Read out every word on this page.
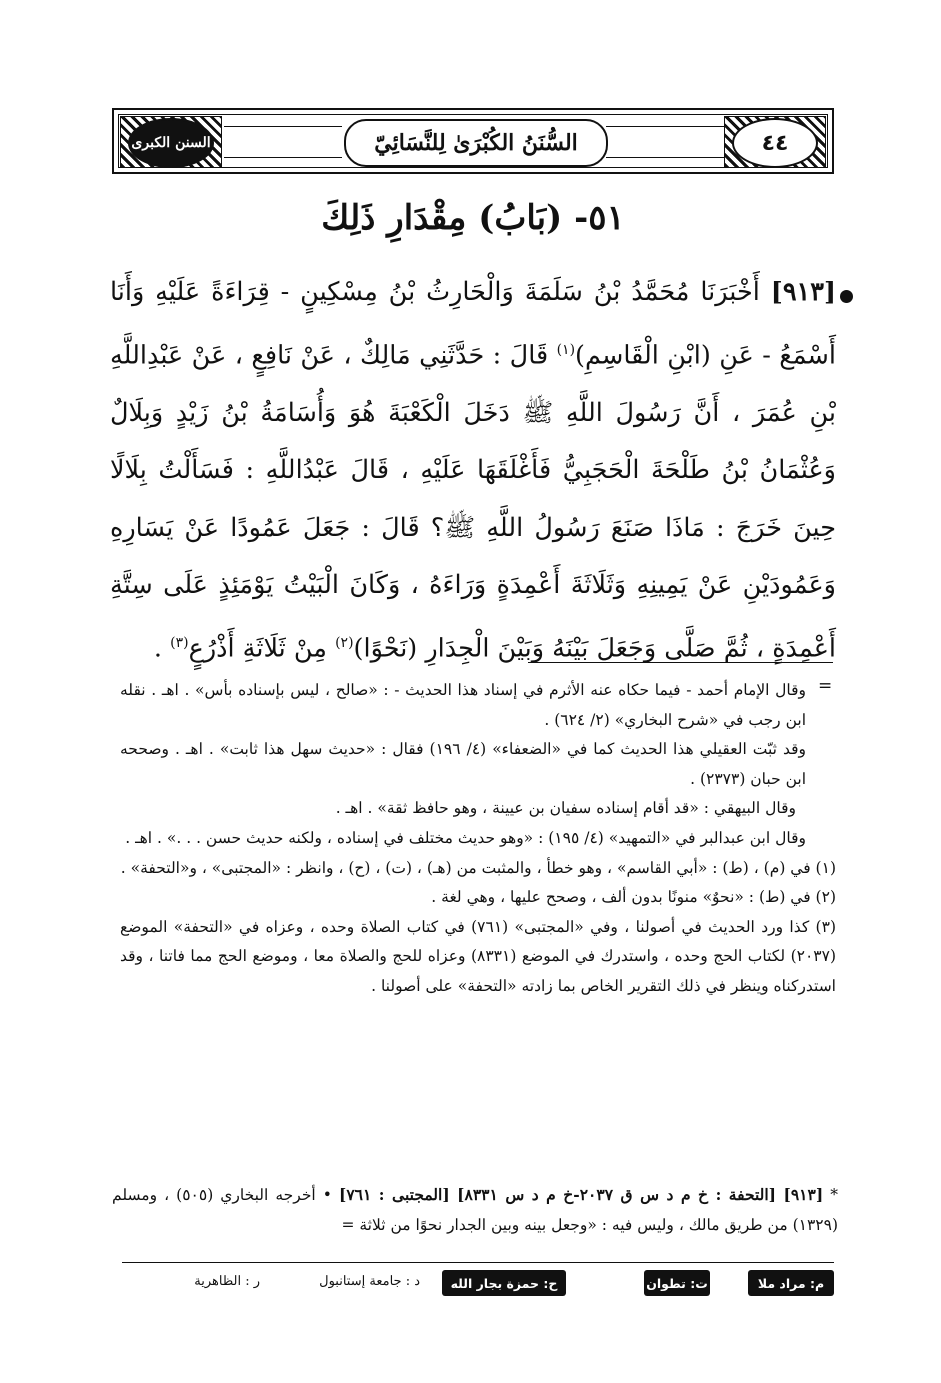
السنن الكبرى	٤٤
السُّنَنُ الكُبْرَىٰ لِلنَّسَائِيّ
٥١- (بَابُ) مِقْدَارِ ذَلِكَ
[٩١٣] أَخْبَرَنَا مُحَمَّدُ بْنُ سَلَمَةَ وَالْحَارِثُ بْنُ مِسْكِينٍ - قِرَاءَةً عَلَيْهِ وَأَنَا أَسْمَعُ - عَنِ (ابْنِ الْقَاسِمِ)$^{(١)}$ قَالَ : حَدَّثَنِي مَالِكٌ ، عَنْ نَافِعٍ ، عَنْ عَبْدِاللَّهِ بْنِ عُمَرَ ، أَنَّ رَسُولَ اللَّهِ ﷺ دَخَلَ الْكَعْبَةَ هُوَ وَأُسَامَةُ بْنُ زَيْدٍ وَبِلَالٌ وَعُثْمَانُ بْنُ طَلْحَةَ الْحَجَبِيُّ فَأَغْلَقَهَا عَلَيْهِ ، قَالَ عَبْدُاللَّهِ : فَسَأَلْتُ بِلَالًا حِينَ خَرَجَ : مَاذَا صَنَعَ رَسُولُ اللَّهِ ﷺ؟ قَالَ : جَعَلَ عَمُودًا عَنْ يَسَارِهِ وَعَمُودَيْنِ عَنْ يَمِينِهِ وَثَلَاثَةَ أَعْمِدَةٍ وَرَاءَهُ ، وَكَانَ الْبَيْتُ يَوْمَئِذٍ عَلَى سِتَّةِ أَعْمِدَةٍ ، ثُمَّ صَلَّى وَجَعَلَ بَيْنَهُ وَبَيْنَ الْجِدَارِ (نَحْوًا)$^{(٢)}$ مِنْ ثَلَاثَةِ أَذْرُعٍ$^{(٣)}$ .
=

وقال الإمام أحمد - فيما حكاه عنه الأثرم في إسناد هذا الحديث - : «صالح ، ليس بإسناده بأس» . اهـ . نقله ابن رجب في «شرح البخاري» (٢/ ٦٢٤) .

وقد ثبّت العقيلي هذا الحديث كما في «الضعفاء» (٤/ ١٩٦) فقال : «حديث سهل هذا ثابت» . اهـ . وصححه ابن حبان (٢٣٧٣) .

وقال البيهقي : «قد أقام إسناده سفيان بن عيينة ، وهو حافظ ثقة» . اهـ .

وقال ابن عبدالبر في «التمهيد» (٤/ ١٩٥) : «وهو حديث مختلف في إسناده ، ولكنه حديث حسن . . .» . اهـ .

(١) في (م) ، (ط) : «أبي القاسم» ، وهو خطأ ، والمثبت من (هـ) ، (ت) ، (ح) ، وانظر : «المجتبى» ، و«التحفة» .

(٢) في (ط) : «نحوٌ» منونًا بدون ألف ، وصحح عليها ، وهي لغة .

(٣) كذا ورد الحديث في أصولنا ، وفي «المجتبى» (٧٦١) في كتاب الصلاة وحده ، وعزاه في «التحفة» الموضع (٢٠٣٧) لكتاب الحج وحده ، واستدرك في الموضع (٨٣٣١) وعزاه للحج والصلاة معا ، وموضع الحج مما فاتنا ، وقد استدركناه وينظر في ذلك التقرير الخاص بما زادته «التحفة» على أصولنا .

* [٩١٣] [التحفة : خ م د س ق ٢٠٣٧-خ م د س ٨٣٣١] [المجتبى : ٧٦١] • أخرجه البخاري (٥٠٥) ، ومسلم (١٣٢٩) من طريق مالك ، وليس فيه : «وجعل بينه وبين الجدار نحوًا من ثلاثة =

م: مراد ملا
ت: تطوان
ح: حمزة بجار الله
د : جامعة إستانبول
ر : الظاهرية
